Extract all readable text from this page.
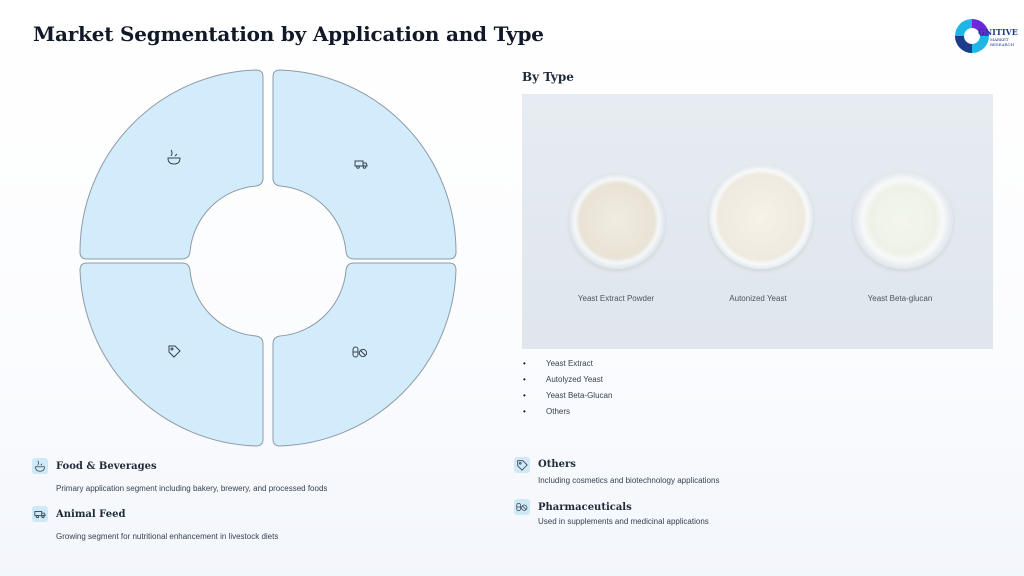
Market Segmentation by Application and Type	GNITIVE
MARKET RESEARCH
By Type
Yeast Extract Powder	Autonized Yeast	Yeast Beta-glucan
• Yeast Extract
• Autolyzed Yeast
• Yeast Beta-Glucan
• Others
Food & Beverages
Primary application segment including bakery, brewery, and processed foods
Animal Feed
Growing segment for nutritional enhancement in livestock diets
Others
Including cosmetics and biotechnology applications
Pharmaceuticals
Used in supplements and medicinal applications
